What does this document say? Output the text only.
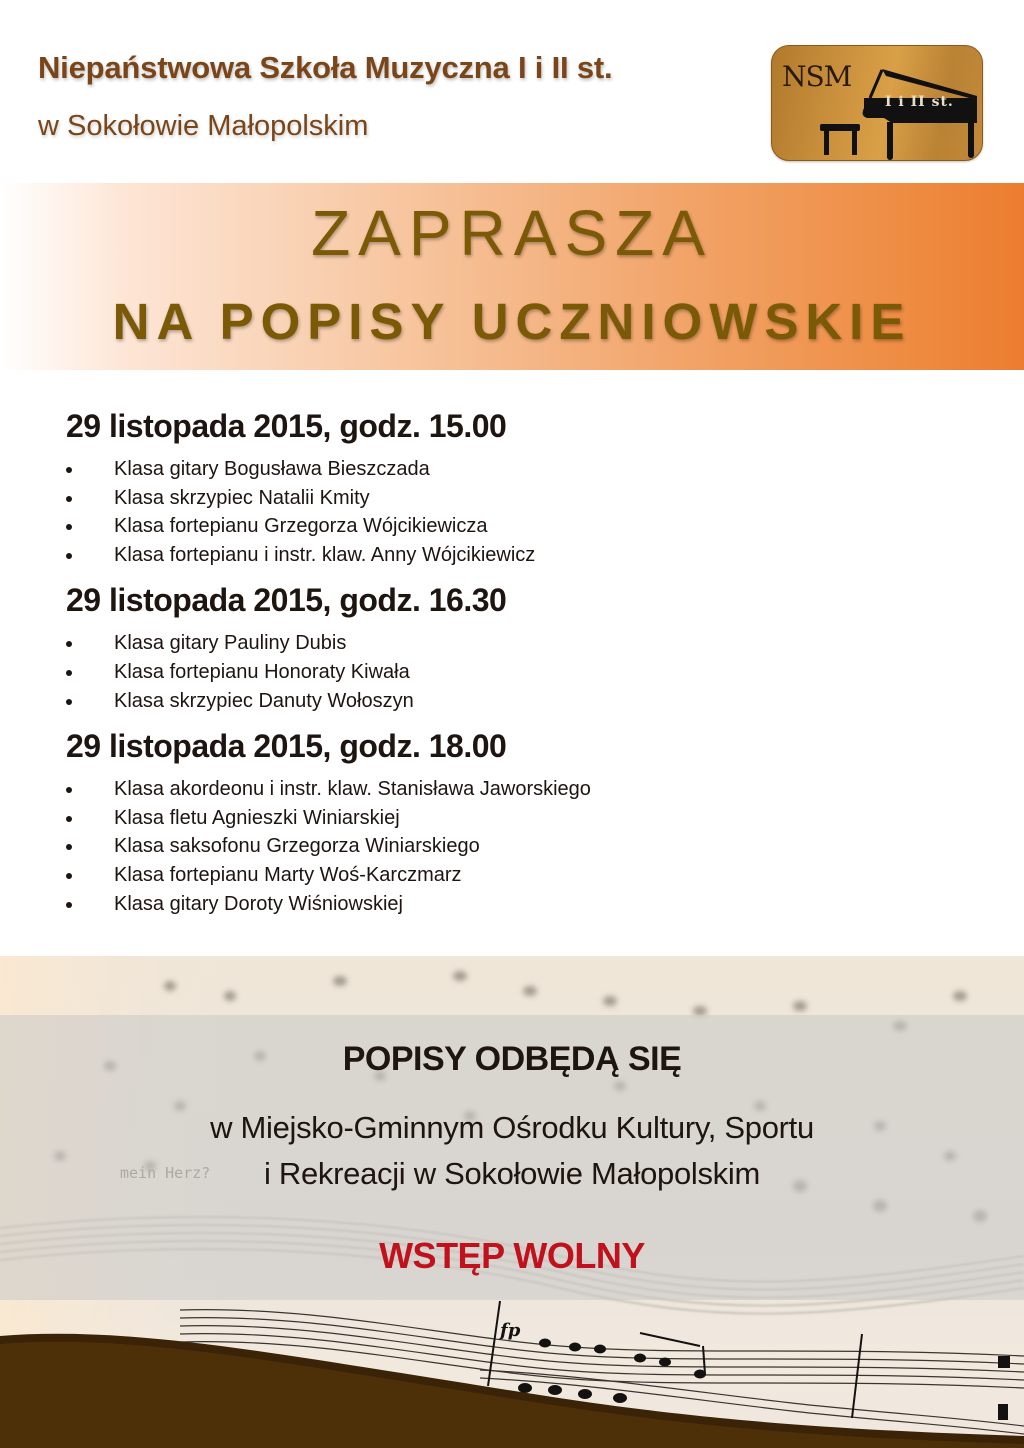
Niepaństwowa Szkoła Muzyczna I i II st.
w Sokołowie Małopolskim
NSM
I i II st.
ZAPRASZA
NA POPISY UCZNIOWSKIE
29 listopada 2015, godz. 15.00
Klasa gitary Bogusława Bieszczada
Klasa skrzypiec Natalii Kmity
Klasa fortepianu Grzegorza Wójcikiewicza
Klasa fortepianu i instr. klaw. Anny Wójcikiewicz
29 listopada 2015, godz. 16.30
Klasa gitary Pauliny Dubis
Klasa fortepianu Honoraty Kiwała
Klasa skrzypiec Danuty Wołoszyn
29 listopada 2015, godz. 18.00
Klasa akordeonu i instr. klaw. Stanisława Jaworskiego
Klasa fletu Agnieszki Winiarskiej
Klasa saksofonu Grzegorza Winiarskiego
Klasa fortepianu Marty Woś-Karczmarz
Klasa gitary Doroty Wiśniowskiej
fp
POPISY ODBĘDĄ SIĘ
w Miejsko-Gminnym Ośrodku Kultury, Sportu
i Rekreacji w Sokołowie Małopolskim
WSTĘP WOLNY
